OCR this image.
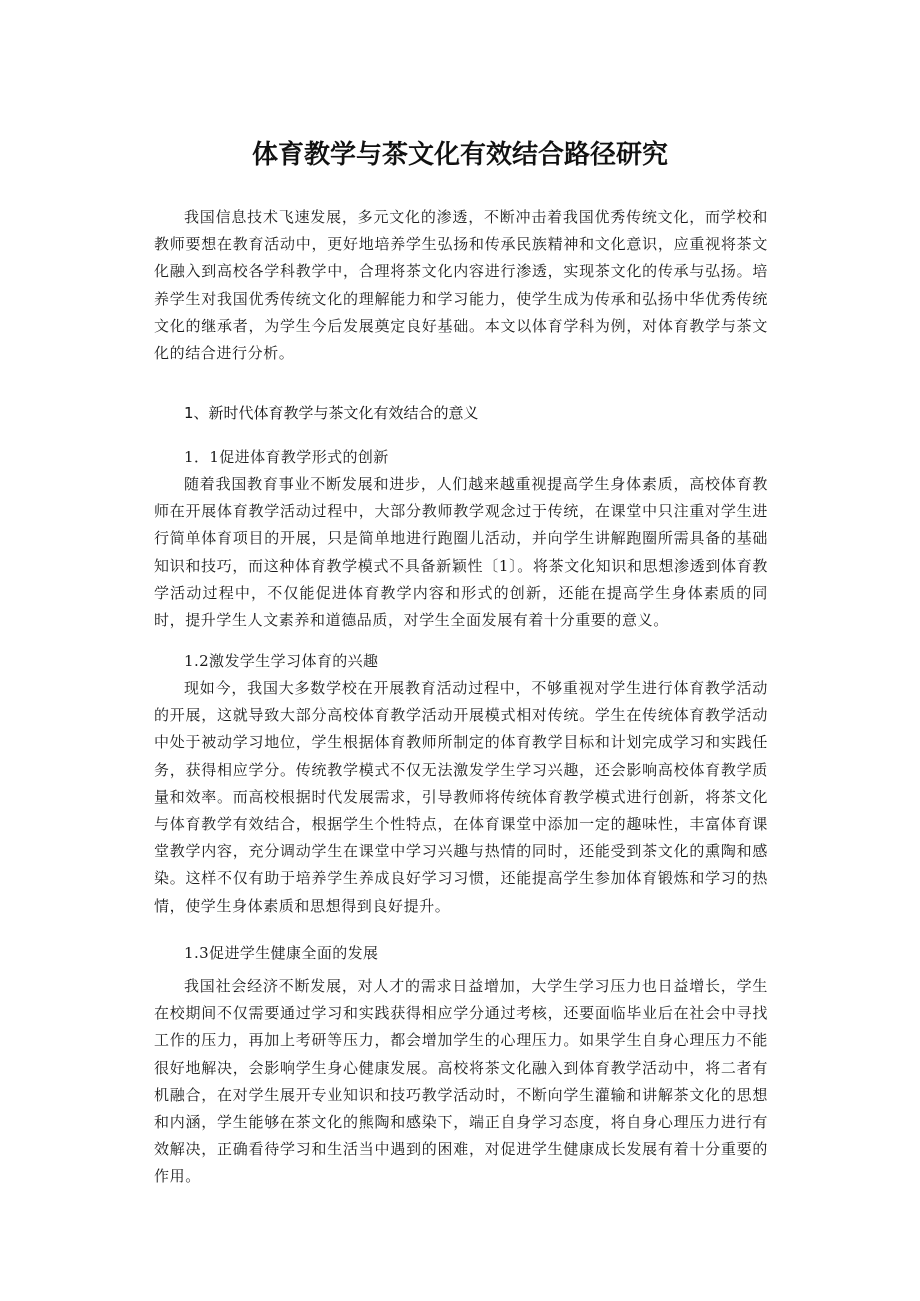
体育教学与茶文化有效结合路径研究

我国信息技术飞速发展，多元文化的渗透，不断冲击着我国优秀传统文化，而学校和教师要想在教育活动中，更好地培养学生弘扬和传承民族精神和文化意识，应重视将茶文化融入到高校各学科教学中，合理将茶文化内容进行渗透，实现茶文化的传承与弘扬。培养学生对我国优秀传统文化的理解能力和学习能力，使学生成为传承和弘扬中华优秀传统文化的继承者，为学生今后发展奠定良好基础。本文以体育学科为例，对体育教学与茶文化的结合进行分析。

1、新时代体育教学与茶文化有效结合的意义

1．1促进体育教学形式的创新

随着我国教育事业不断发展和进步，人们越来越重视提高学生身体素质，高校体育教师在开展体育教学活动过程中，大部分教师教学观念过于传统，在课堂中只注重对学生进行简单体育项目的开展，只是简单地进行跑圈儿活动，并向学生讲解跑圈所需具备的基础知识和技巧，而这种体育教学模式不具备新颖性〔1〕。将茶文化知识和思想渗透到体育教学活动过程中，不仅能促进体育教学内容和形式的创新，还能在提高学生身体素质的同时，提升学生人文素养和道德品质，对学生全面发展有着十分重要的意义。

1.2激发学生学习体育的兴趣

现如今，我国大多数学校在开展教育活动过程中，不够重视对学生进行体育教学活动的开展，这就导致大部分高校体育教学活动开展模式相对传统。学生在传统体育教学活动中处于被动学习地位，学生根据体育教师所制定的体育教学目标和计划完成学习和实践任务，获得相应学分。传统教学模式不仅无法激发学生学习兴趣，还会影响高校体育教学质量和效率。而高校根据时代发展需求，引导教师将传统体育教学模式进行创新，将茶文化与体育教学有效结合，根据学生个性特点，在体育课堂中添加一定的趣味性，丰富体育课堂教学内容，充分调动学生在课堂中学习兴趣与热情的同时，还能受到茶文化的熏陶和感染。这样不仅有助于培养学生养成良好学习习惯，还能提高学生参加体育锻炼和学习的热情，使学生身体素质和思想得到良好提升。

1.3促进学生健康全面的发展

我国社会经济不断发展，对人才的需求日益增加，大学生学习压力也日益增长，学生在校期间不仅需要通过学习和实践获得相应学分通过考核，还要面临毕业后在社会中寻找工作的压力，再加上考研等压力，都会增加学生的心理压力。如果学生自身心理压力不能很好地解决，会影响学生身心健康发展。高校将茶文化融入到体育教学活动中，将二者有机融合，在对学生展开专业知识和技巧教学活动时，不断向学生灌输和讲解茶文化的思想和内涵，学生能够在茶文化的熊陶和感染下，端正自身学习态度，将自身心理压力进行有效解决，正确看待学习和生活当中遇到的困难，对促进学生健康成长发展有着十分重要的作用。
